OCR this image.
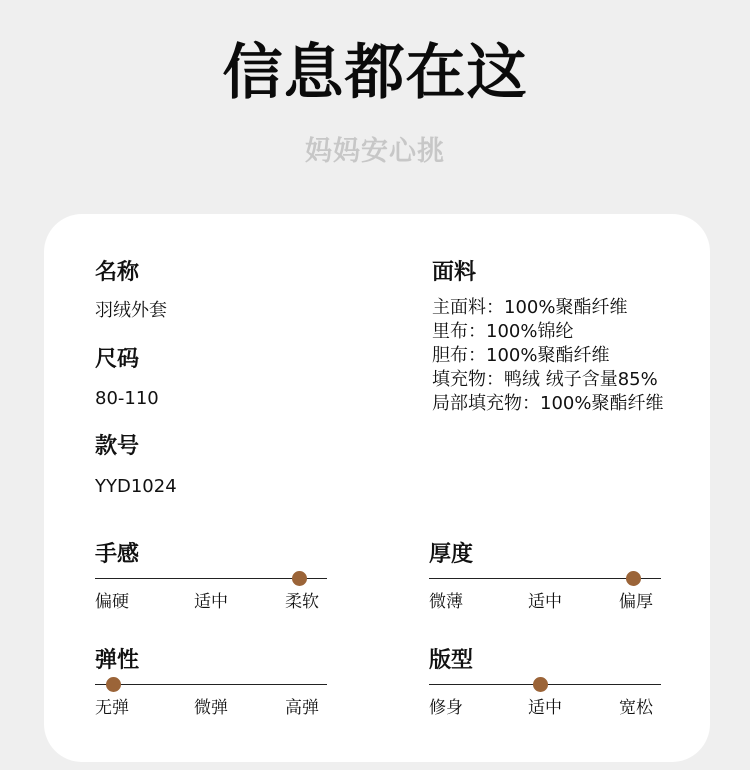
信息都在这
妈妈安心挑
名称
羽绒外套
尺码
80-110
款号
YYD1024
面料
主面料：100%聚酯纤维
里布：100%锦纶
胆布：100%聚酯纤维
填充物：鸭绒 绒子含量85%
局部填充物：100%聚酯纤维
手感
偏硬	适中	柔软
厚度
微薄	适中	偏厚
弹性
无弹	微弹	高弹
版型
修身	适中	宽松
